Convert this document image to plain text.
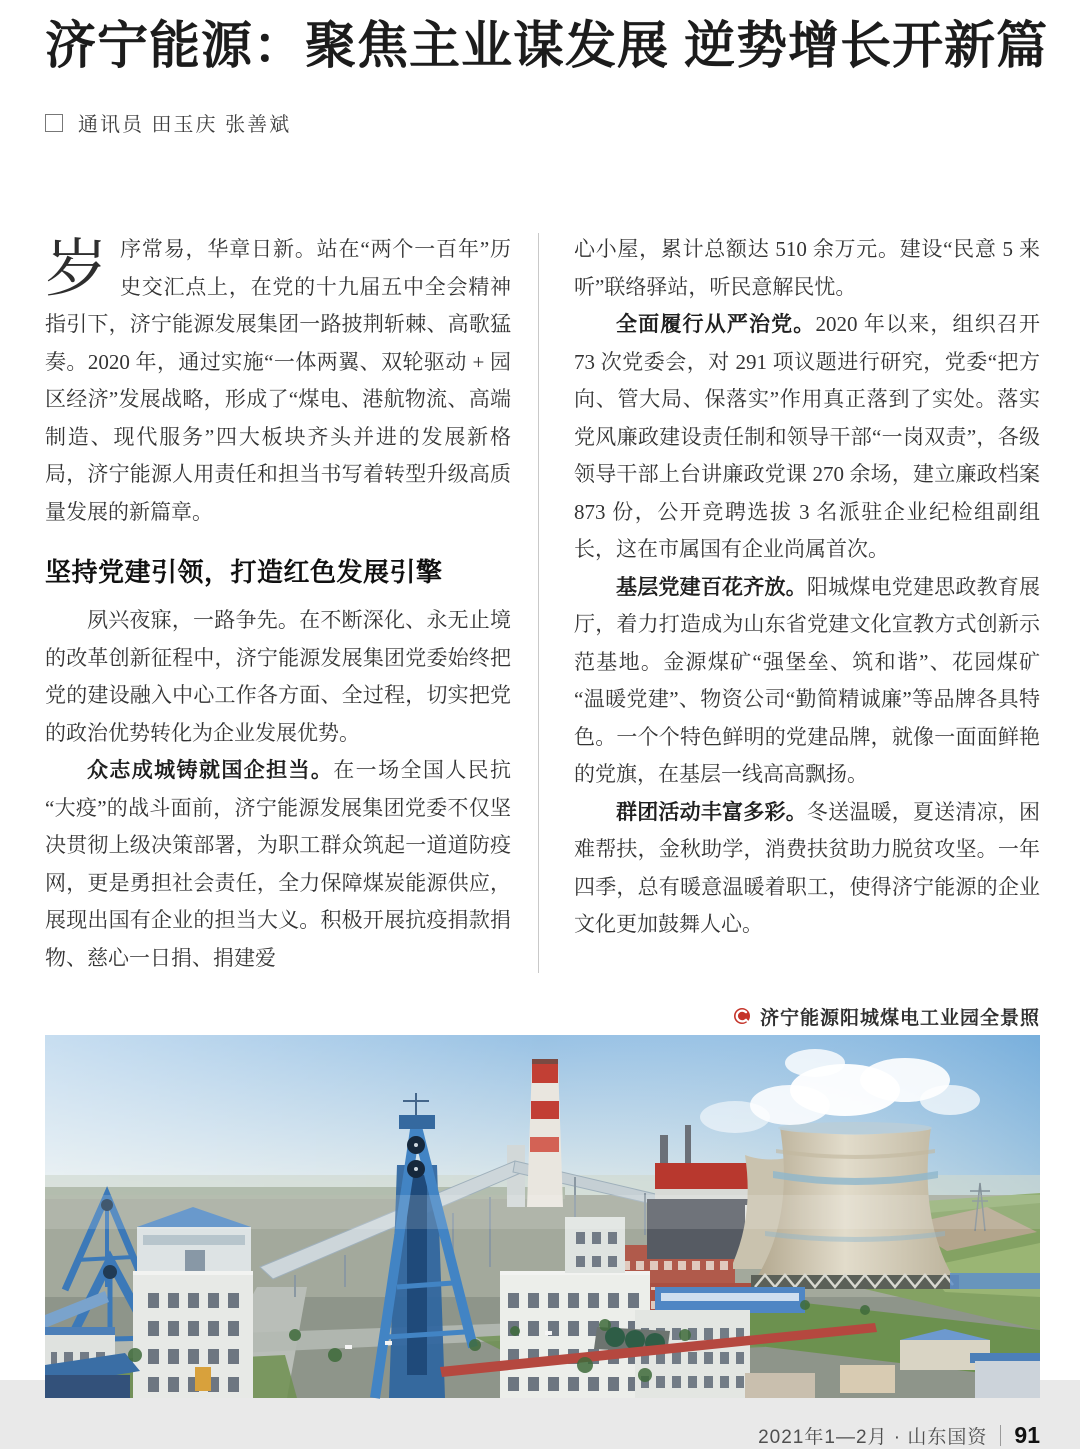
济宁能源：聚焦主业谋发展 逆势增长开新篇
通讯员 田玉庆 张善斌

岁序常易，华章日新。站在“两个一百年”历史交汇点上，在党的十九届五中全会精神指引下，济宁能源发展集团一路披荆斩棘、高歌猛奏。2020 年，通过实施“一体两翼、双轮驱动 + 园区经济”发展战略，形成了“煤电、港航物流、高端制造、现代服务”四大板块齐头并进的发展新格局，济宁能源人用责任和担当书写着转型升级高质量发展的新篇章。

坚持党建引领，打造红色发展引擎

夙兴夜寐，一路争先。在不断深化、永无止境的改革创新征程中，济宁能源发展集团党委始终把党的建设融入中心工作各方面、全过程，切实把党的政治优势转化为企业发展优势。

众志成城铸就国企担当。在一场全国人民抗“大疫”的战斗面前，济宁能源发展集团党委不仅坚决贯彻上级决策部署，为职工群众筑起一道道防疫网，更是勇担社会责任，全力保障煤炭能源供应，展现出国有企业的担当大义。积极开展抗疫捐款捐物、慈心一日捐、捐建爱

心小屋，累计总额达 510 余万元。建设“民意 5 来听”联络驿站，听民意解民忧。

全面履行从严治党。2020 年以来，组织召开 73 次党委会，对 291 项议题进行研究，党委“把方向、管大局、保落实”作用真正落到了实处。落实党风廉政建设责任制和领导干部“一岗双责”，各级领导干部上台讲廉政党课 270 余场，建立廉政档案 873 份，公开竞聘选拔 3 名派驻企业纪检组副组长，这在市属国有企业尚属首次。

基层党建百花齐放。阳城煤电党建思政教育展厅，着力打造成为山东省党建文化宣教方式创新示范基地。金源煤矿“强堡垒、筑和谐”、花园煤矿“温暖党建”、物资公司“勤简精诚廉”等品牌各具特色。一个个特色鲜明的党建品牌，就像一面面鲜艳的党旗，在基层一线高高飘扬。

群团活动丰富多彩。冬送温暖，夏送清凉，困难帮扶，金秋助学，消费扶贫助力脱贫攻坚。一年四季，总有暖意温暖着职工，使得济宁能源的企业文化更加鼓舞人心。

济宁能源阳城煤电工业园全景照
2021年1—2月 · 山东国资 91
